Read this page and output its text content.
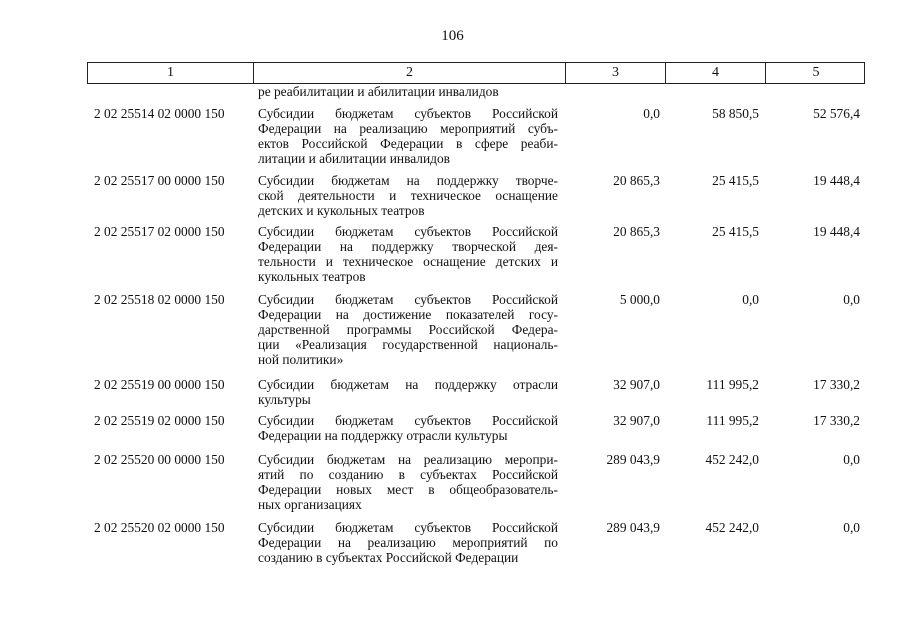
106
1	2	3	4	5
ре реабилитации и абилитации инвалидов
2 02 25514 02 0000 150 Субсидии бюджетам субъектов Российской
Федерации на реализацию мероприятий субъ-
ектов Российской Федерации в сфере реаби-
литации и абилитации инвалидов
0,0	58 850,5	52 576,4
2 02 25517 00 0000 150 Субсидии бюджетам на поддержку творче-
ской деятельности и техническое оснащение
детских и кукольных театров
20 865,3	25 415,5	19 448,4
2 02 25517 02 0000 150 Субсидии бюджетам субъектов Российской
Федерации на поддержку творческой дея-
тельности и техническое оснащение детских и
кукольных театров
20 865,3	25 415,5	19 448,4
2 02 25518 02 0000 150 Субсидии бюджетам субъектов Российской
Федерации на достижение показателей госу-
дарственной программы Российской Федера-
ции «Реализация государственной националь-
ной политики»
5 000,0	0,0	0,0
2 02 25519 00 0000 150 Субсидии бюджетам на поддержку отрасли
культуры
32 907,0	111 995,2	17 330,2
2 02 25519 02 0000 150 Субсидии бюджетам субъектов Российской
Федерации на поддержку отрасли культуры
32 907,0	111 995,2	17 330,2
2 02 25520 00 0000 150 Субсидии бюджетам на реализацию меропри-
ятий по созданию в субъектах Российской
Федерации новых мест в общеобразователь-
ных организациях
289 043,9	452 242,0	0,0
2 02 25520 02 0000 150 Субсидии бюджетам субъектов Российской
Федерации на реализацию мероприятий по
созданию в субъектах Российской Федерации
289 043,9	452 242,0	0,0
